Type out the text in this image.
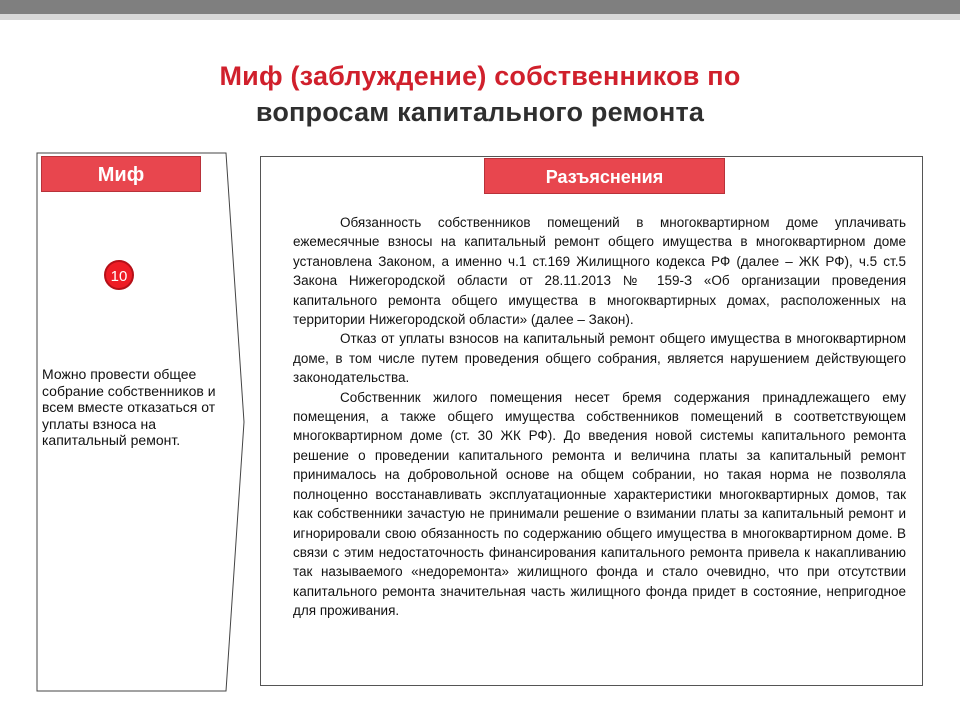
Миф (заблуждение) собственников по
вопросам капитального ремонта
Миф
10
Можно провести общее собрание собственников и всем вместе отказаться от уплаты взноса на капитальный ремонт.
Разъяснения

Обязанность собственников помещений в многоквартирном доме уплачивать ежемесячные взносы на капитальный ремонт общего имущества в многоквартирном доме установлена Законом, а именно ч.1 ст.169 Жилищного кодекса РФ (далее – ЖК РФ), ч.5 ст.5 Закона Нижегородской области от 28.11.2013 № 159-З «Об организации проведения капитального ремонта общего имущества в многоквартирных домах, расположенных на территории Нижегородской области» (далее – Закон).

Отказ от уплаты взносов на капитальный ремонт общего имущества в многоквартирном доме, в том числе путем проведения общего собрания, является нарушением действующего законодательства.

Собственник жилого помещения несет бремя содержания принадлежащего ему помещения, а также общего имущества собственников помещений в соответствующем многоквартирном доме (ст. 30 ЖК РФ). До введения новой системы капитального ремонта решение о проведении капитального ремонта и величина платы за капитальный ремонт принималось на добровольной основе на общем собрании, но такая норма не позволяла полноценно восстанавливать эксплуатационные характеристики многоквартирных домов, так как собственники зачастую не принимали решение о взимании платы за капитальный ремонт и игнорировали свою обязанность по содержанию общего имущества в многоквартирном доме. В связи с этим недостаточность финансирования капитального ремонта привела к накапливанию так называемого «недоремонта» жилищного фонда и стало очевидно, что при отсутствии капитального ремонта значительная часть жилищного фонда придет в состояние, непригодное для проживания.
